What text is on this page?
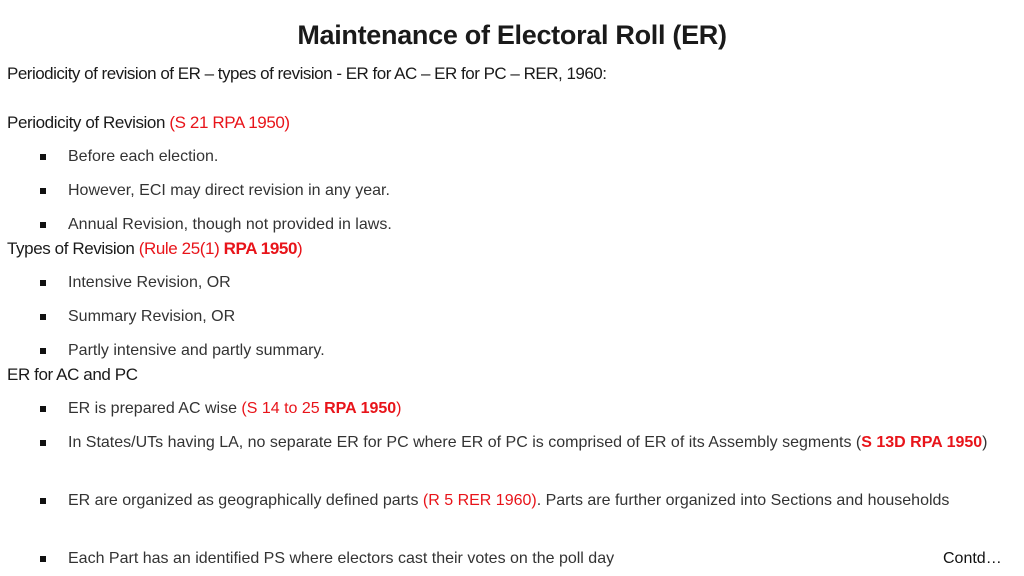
Maintenance of Electoral Roll (ER)
Periodicity of revision of ER – types of revision - ER for AC – ER for PC – RER, 1960:
Periodicity of Revision (S 21 RPA 1950)
Before each election.
However, ECI may direct revision in any year.
Annual Revision, though not provided in laws.
Types of Revision (Rule 25(1) RPA 1950)
Intensive Revision, OR
Summary Revision, OR
Partly intensive and partly summary.
ER for AC and PC
ER is prepared AC wise (S 14 to 25 RPA 1950)
In States/UTs having LA, no separate ER for PC where ER of PC is comprised of ER of its Assembly segments (S 13D RPA 1950)
ER are organized as geographically defined parts (R 5 RER 1960). Parts are further organized into Sections and households
Each Part has an identified PS where electors cast their votes on the poll day	Contd…
